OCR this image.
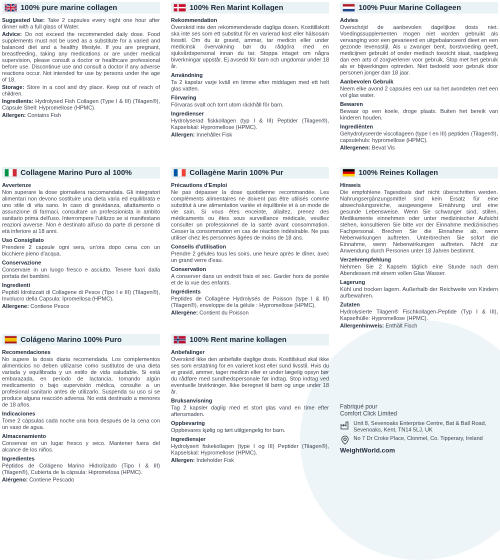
100% pure marine collagen
Suggested Use: Take 2 capsules every night one hour after dinner with a full glass of Water.
Advice: Do not exceed the recommended daily dose. Food supplements must not be used as a substitute for a varied and balanced diet and a healthy lifestyle. If you are pregnant, breastfeeding, taking any medications or are under medical supervision, please consult a doctor or healthcare professional before use. Discontinue use and consult a doctor if any adverse reactions occur. Not intended for use by persons under the age of 18.
Storage: Store in a cool and dry place. Keep out of reach of children.
Ingredients: Hydrolysed Fish Collagen (Type I & III) (Tilagen®), Capsule Shell: Hypromellose (HPMC).
Allergen: Contains Fish
100% Ren Marint Kollagen
Rekommendation
Överskrid inte den rekommenderade dagliga dosen. Kosttillskott ska inte ses som ett substitut för en varierad kost eller hälsosam livsstil. Om du är gravid, ammar, tar medicin eller under medicinsk övervakning bør du rådgöra med en sjukvårdspersonal innan du tar. Stoppa intaget om några biverkningar uppstår. Ej avsedd för barn och ungdomar under 18 år.
Användning
Ta 2 kapslar varje kväll en timme efter middagen med ett helt glas vatten.
Förvaring
Förvaras svalt och torrt utom räckhåll för barn.
Ingredienser
Hydrolyserad fiskkollagen (typ I & III) Peptider (Tilagen®), Kapselskal: Hypromellose (HPMC).
Allergen: Innehåller Fisk
100% Puur Marine Collageen
Advies
Overschrijd de aanbevolen dagelijkse dosis niet. Voedingssupplementen mogen niet worden gebruikt als vervanging voor een gevarieerd en uitgebalanceerd dieet en een gezonde levensstijl. Als u zwanger bent, borstvoeding geeft, medicijnen gebruikt of onder medisch toezicht staat, raadpleeg dan een arts of zorgverlener voor gebruik. Stop met het gebruik als er bijwerkingen optreden. Niet bedoeld voor gebruik door personen jonger dan 18 jaar.
Aanbevolen Gebruik
Neem elke avond 2 capsules een uur na het avondeten met een vol glas water.
Bewaren
Bewaar op een koele, droge plaats. Buiten het bereik van kinderen houden.
Ingrediënten
Gehydrolyseerde viscollageen (type I en III) peptiden (Tilagen®), capsulehuls: hypromellose (HPMC).
Allergenen: Bevat Vis
Collagene Marino Puro al 100%
Avvertenze
Non superare la dose giornaliera raccomandata. Gli integratori alimentari non devono sostituire una dieta varia ed equilibrata e uno stile di vita sano. In caso di gravidanza, allattamento o assunzione di farmaci, consultare un professionista in ambito sanitario prima dell'uso. Interrompere l'utilizzo se si manifestano reazioni avverse. Non è destinato all'uso da parte di persone di età inferiore ai 18 anni.
Uso Consigliato
Prendere 2 capsule ogni sera, un'ora dopo cena con un bicchiere pieno d'acqua.
Conservazione
Conservare in un luogo fresco e asciutto. Tenere fuori dalla portata dei bambini.
Ingredienti
Peptidi Idrolizzati di Collagene di Pesce (Tipo I e III) (Tilagen®), Involucro della Capsula: Ipromellosa (HPMC).
Allergene: Contiene Pesce
Collagène Marin 100% Pur
Précautions d'Emploi
Ne pas dépasser la dose quotidienne recommandée. Les compléments alimentaires ne doivent pas être utilisés comme substitut à une alimentation variée et équilibrée et à un mode de vie sain. Si vous êtes enceinte, allaitez, prenez des médicaments ou êtes sous surveillance médicale, veuillez consulter un professionnel de la santé avant consommation. Cesser la consommation en cas de réaction indésirable. Ne pas utiliser chez les personnes âgées de moins de 18 ans.
Conseils d'utilisation
Prendre 2 gélules tous les soirs, une heure après le dîner, avec un grand verre d'eau.
Conservation
A conserver dans un endroit frais et sec. Garder hors de portée et de la vue des enfants.
Ingrédients
Peptides de Collagène Hydrolysés de Poisson (type I & III) (Tilagen®), enveloppe de la gélule : Hypromellose (HPMC).
Allergène: Contient du Poisson
100% Reines Kollagen
Hinweis
Die empfohlene Tagesdosis darf nicht überschritten werden. Nahrungsergänzungsmittel sind kein Ersatz für eine abwechslungsreiche, ausgewogene Ernährung und eine gesunde Lebensweise. Wenn Sie schwanger sind, stillen, Medikamente einnehmen oder unter medizinischer Aufsicht stehen, konsultieren Sie bitte vor der Einnahme medizinisches Fachpersonal. Brechen Sie die Einnahme ab, wenn Nebenwirkungen auftreten. Unterbrechen Sie sofort die Einnahme, wenn Nebenwirkungen auftreten. Nicht zur Anwendung durch Personen unter 18 Jahren bestimmt.
Verzehrempfehlung
Nehmen Sie 2 Kapseln täglich eine Stunde nach dem Abendessen mit einem vollen Glas Wasser.
Lagerung
Kühl und trocken lagern. Außerhalb der Reichweite von Kindern aufbewahren.
Zutaten
Hydrolysierte Tilagen® Fischkollagen-Peptide (Typ I & III), Kapselhülle: Hypromellose (HPMC).
Allergenhinweis: Enthält Fisch
Colágeno Marino 100% Puro
Recomendaciones
No supere la dosis diaria recomendada. Los complementos alimenticios no deben utilizarse como sustitutos de una dieta variada y equilibrada y un estilo de vida saludable. Si está embarazada, en periodo de lactancia, tomando algún medicamento o bajo supervisión médica, consulte a un profesional sanitario antes de utilizarlo. Suspenda su uso si se produce alguna reacción adversa. No está destinado a menores de 18 años.
Indicaciones
Tome 2 cápsulas cada noche una hora después de la cena con un vaso de agua.
Almacenamiento
Conservar en un lugar fresco y seco. Mantener fuera del alcance de los niños.
Ingredientes
Péptidos de Colágeno Marino Hidrolizado (Tipo I & III) (Tilagen®), Cubierta de la cápsula: Hipromelosa (HPMC).
Alérgeno: Contiene Pescado
100% Rent marine kollagen
Anbefalinger
Overskrid ikke den anbefalte daglige dosis. Kosttilskud skal ikke ses som erstatning for en varieret kost eller sund livsstil. Hvis du er gravid, ammer, tager medicin eller er under lægelig opsyn bør du rådføre med sundhedspersonale før indtag. Stop indtag ved eventuelle bivirkninger. Ikke beregnet til børn og unge under 18 år.
Bruksanvisning
Tag 2 kapsler daglig med et stort glas vand en time efter aftensmaden.
Oppbevaring
Oppbevares kjølig og tørt utilgjengelig for barn.
Ingrediensjer
Hydrolysert fiskekollagen (type I og III) Peptider (Tilagen®), Kapselskal: Hypromellose (HPMC).
Allergen: Indeholder Fisk
Fabriqué pour
Comfort Click Limited
Unit 8, Sevenoaks Enterprise Centre, Bat & Ball Road, Sevenoaks, Kent, TN14 5LJ, UK
No 7 Dr Croke Place, Clonmel, Co. Tipperary, Ireland
WeightWorld.com
